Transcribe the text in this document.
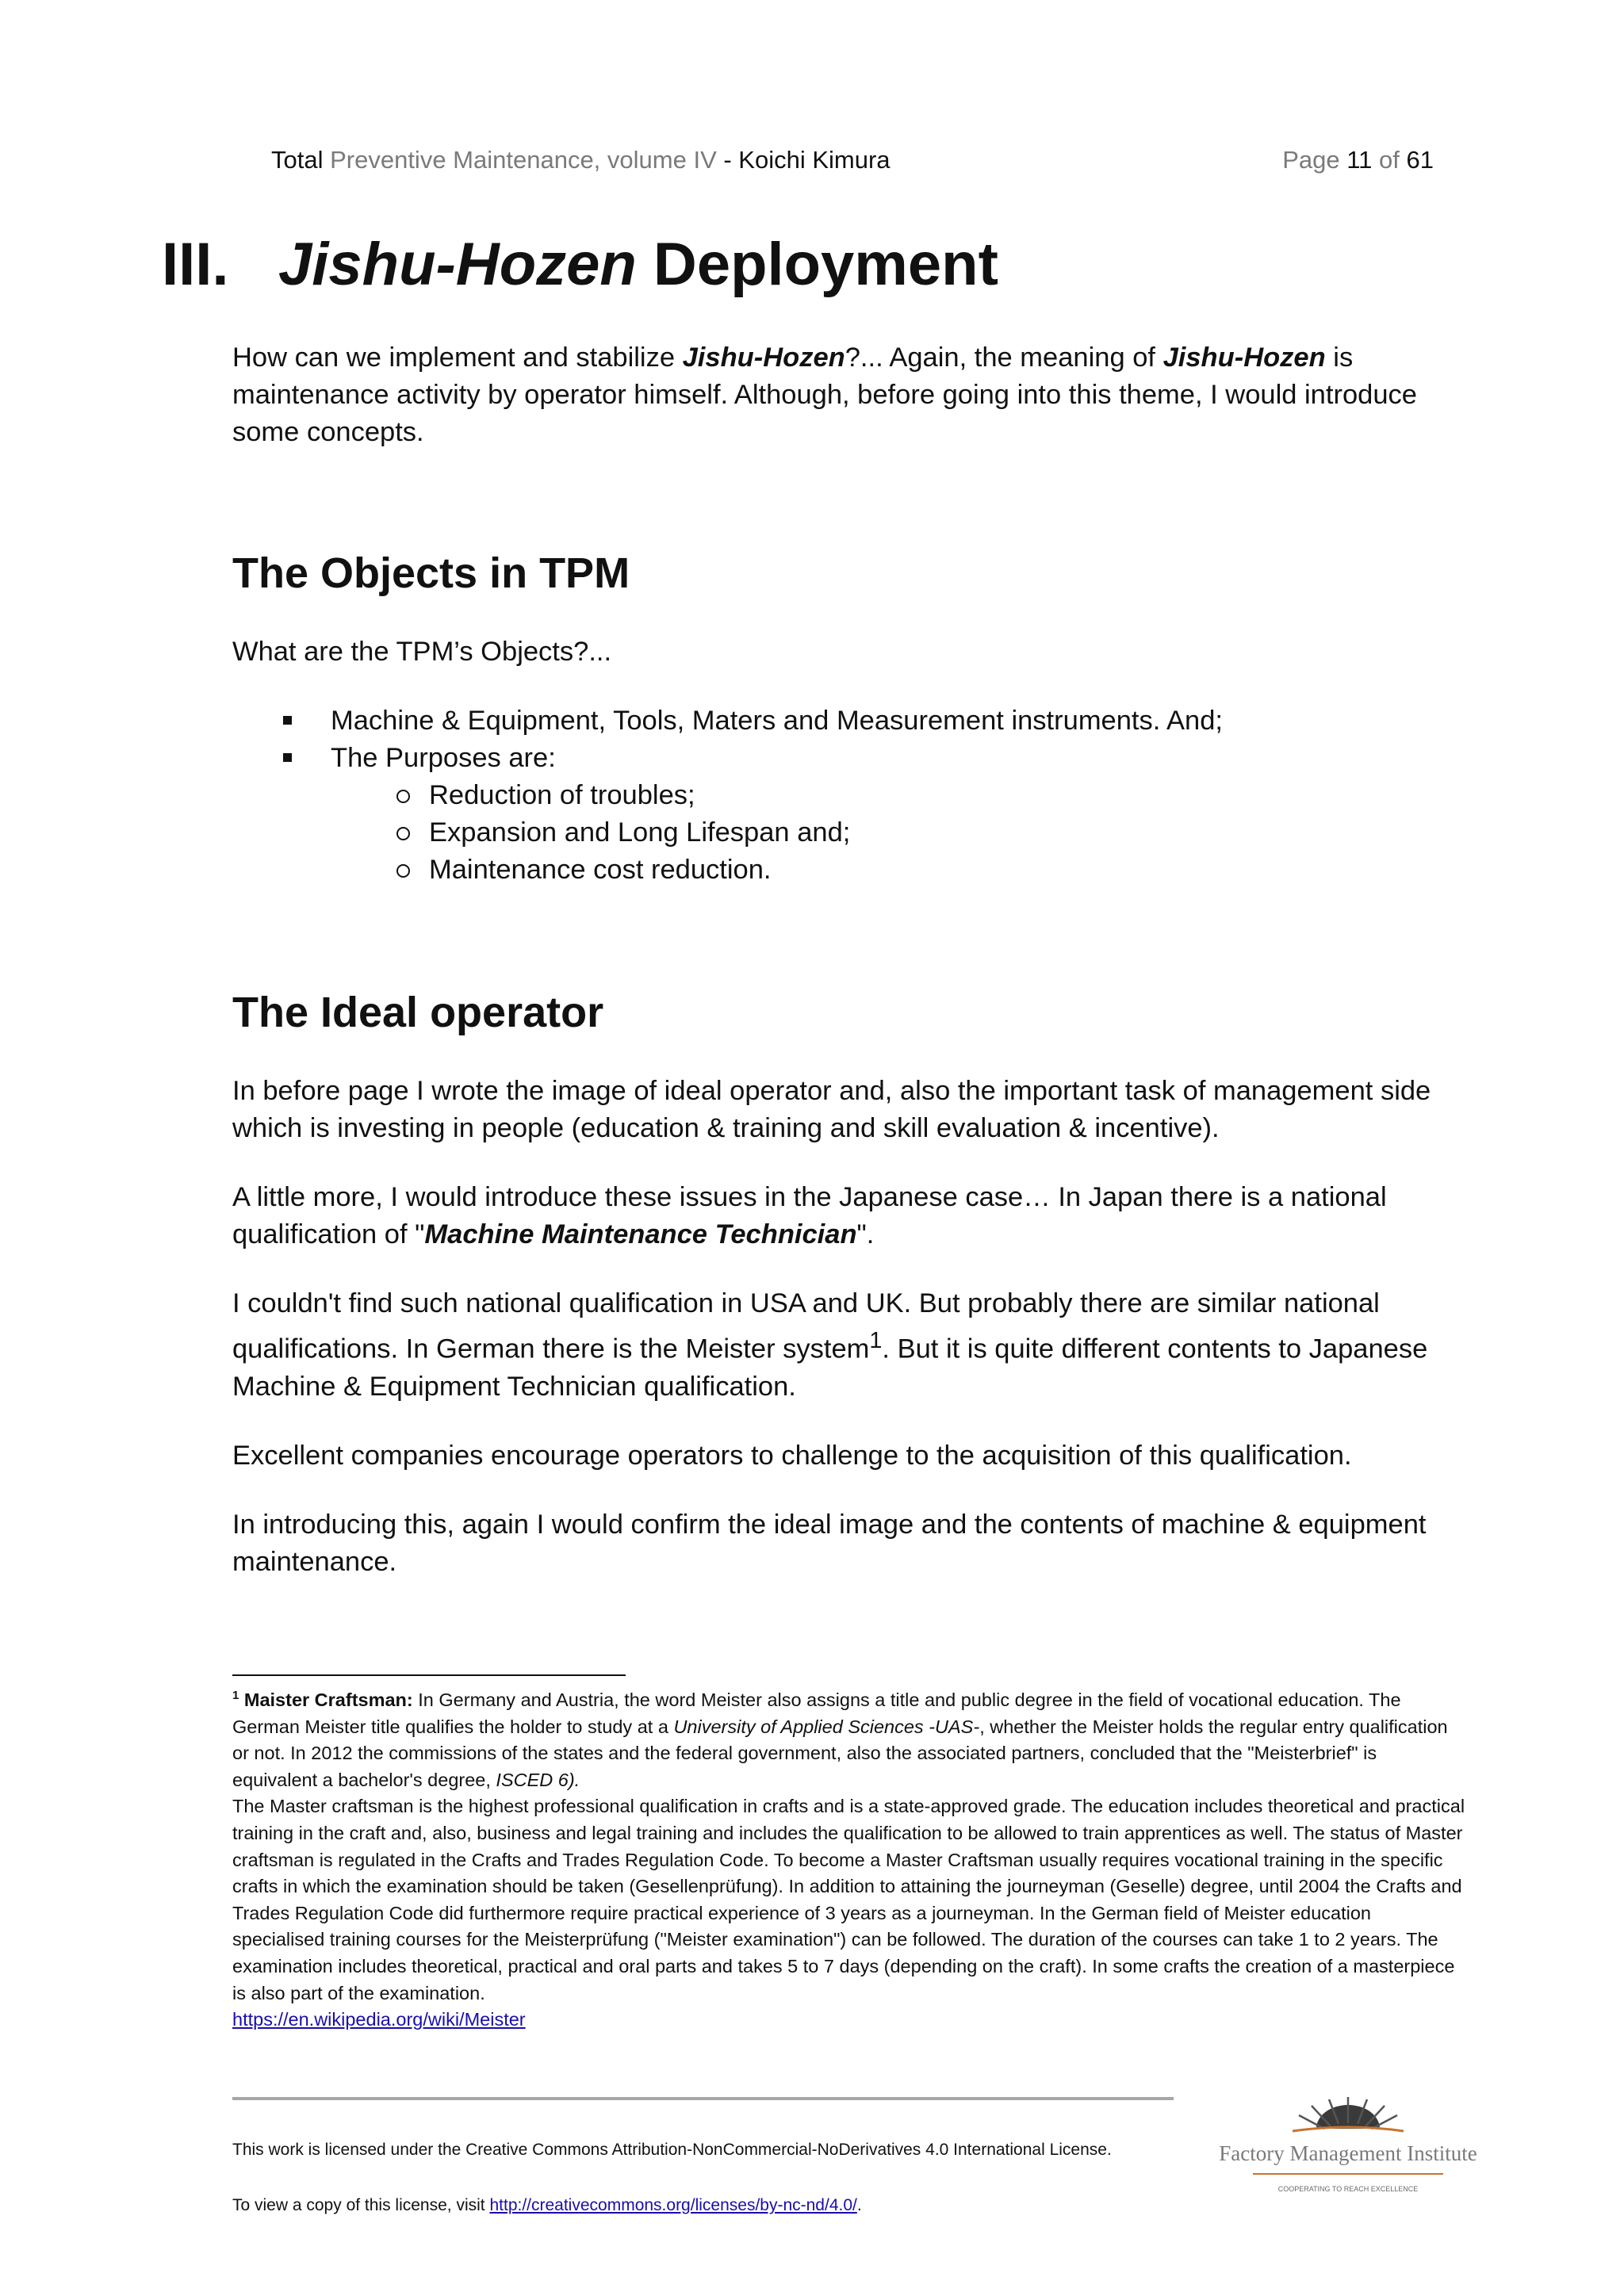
Total Preventive Maintenance, volume IV - Koichi Kimura	Page 11 of 61
III. Jishu-Hozen Deployment

How can we implement and stabilize Jishu-Hozen?... Again, the meaning of Jishu-Hozen is maintenance activity by operator himself. Although, before going into this theme, I would introduce some concepts.

The Objects in TPM

What are the TPM’s Objects?...

Machine & Equipment, Tools, Maters and Measurement instruments. And;
The Purposes are:
Reduction of troubles;
Expansion and Long Lifespan and;
Maintenance cost reduction.
The Ideal operator

In before page I wrote the image of ideal operator and, also the important task of management side which is investing in people (education & training and skill evaluation & incentive).

A little more, I would introduce these issues in the Japanese case… In Japan there is a national qualification of "Machine Maintenance Technician".

I couldn't find such national qualification in USA and UK. But probably there are similar national qualifications. In German there is the Meister system$^1$. But it is quite different contents to Japanese Machine & Equipment Technician qualification.

Excellent companies encourage operators to challenge to the acquisition of this qualification.

In introducing this, again I would confirm the ideal image and the contents of machine & equipment maintenance.

$^1$ Maister Craftsman: In Germany and Austria, the word Meister also assigns a title and public degree in the field of vocational education. The German Meister title qualifies the holder to study at a University of Applied Sciences -UAS-, whether the Meister holds the regular entry qualification or not. In 2012 the commissions of the states and the federal government, also the associated partners, concluded that the "Meisterbrief" is equivalent a bachelor's degree, ISCED 6).

The Master craftsman is the highest professional qualification in crafts and is a state-approved grade. The education includes theoretical and practical training in the craft and, also, business and legal training and includes the qualification to be allowed to train apprentices as well. The status of Master craftsman is regulated in the Crafts and Trades Regulation Code. To become a Master Craftsman usually requires vocational training in the specific crafts in which the examination should be taken (Gesellenprüfung). In addition to attaining the journeyman (Geselle) degree, until 2004 the Crafts and Trades Regulation Code did furthermore require practical experience of 3 years as a journeyman. In the German field of Meister education specialised training courses for the Meisterprüfung ("Meister examination") can be followed. The duration of the courses can take 1 to 2 years. The examination includes theoretical, practical and oral parts and takes 5 to 7 days (depending on the craft). In some crafts the creation of a masterpiece is also part of the examination.

https://en.wikipedia.org/wiki/Meister

This work is licensed under the Creative Commons Attribution-NonCommercial-NoDerivatives 4.0 International License.
To view a copy of this license, visit http://creativecommons.org/licenses/by-nc-nd/4.0/.
Factory Management Institute
COOPERATING TO REACH EXCELLENCE
